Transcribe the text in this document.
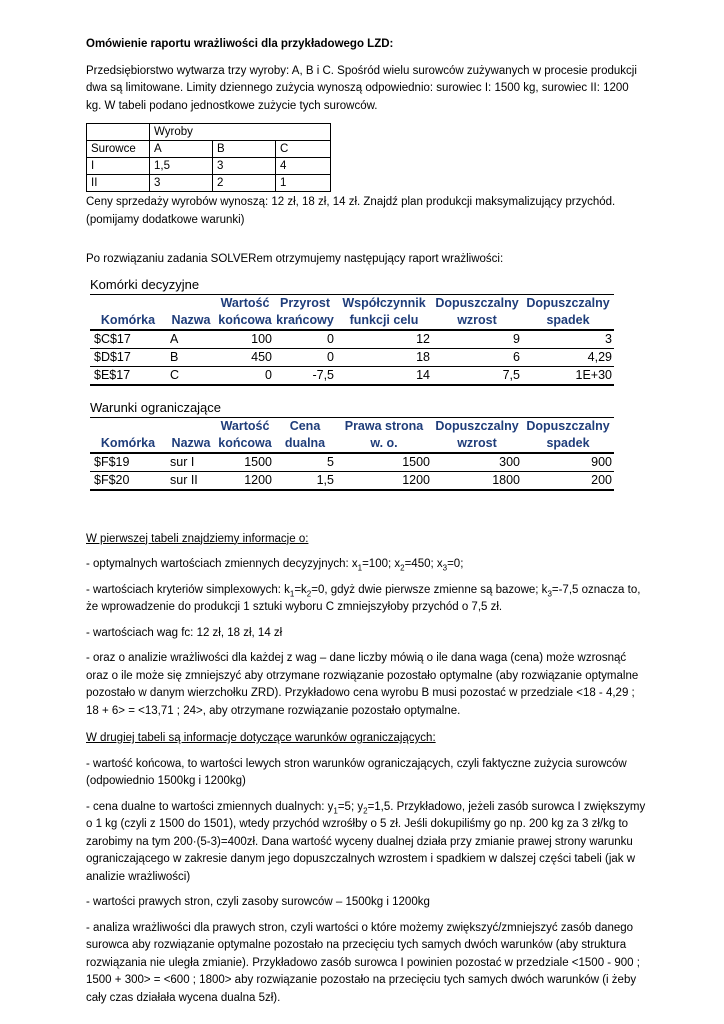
Omówienie raportu wrażliwości dla przykładowego LZD:

Przedsiębiorstwo wytwarza trzy wyroby: A, B i C. Spośród wielu surowców zużywanych w procesie produkcji dwa są limitowane. Limity dziennego zużycia wynoszą odpowiednio: surowiec I: 1500 kg, surowiec II: 1200 kg. W tabeli podano jednostkowe zużycie tych surowców.

	Wyroby		
Surowce	A	B	C
I	1,5	3	4
II	3	2	1

Ceny sprzedaży wyrobów wynoszą: 12 zł, 18 zł, 14 zł. Znajdź plan produkcji maksymalizujący przychód.

(pomijamy dodatkowe warunki)

Po rozwiązaniu zadania SOLVERem otrzymujemy następujący raport wrażliwości:

Komórki decyzyjne						
		Wartość	Przyrost	Współczynnik	Dopuszczalny	Dopuszczalny
Komórka	Nazwa	końcowa	krańcowy	funkcji celu	wzrost	spadek
$C$17	A	100	0	12	9	3
$D$17	B	450	0	18	6	4,29
$E$17	C	0	-7,5	14	7,5	1E+30
Warunki ograniczające						
		Wartość	Cena	Prawa strona	Dopuszczalny	Dopuszczalny
Komórka	Nazwa	końcowa	dualna	w. o.	wzrost	spadek
$F$19	sur I	1500	5	1500	300	900
$F$20	sur II	1200	1,5	1200	1800	200

W pierwszej tabeli znajdziemy informacje o:

- optymalnych wartościach zmiennych decyzyjnych: $x_1=100$; $x_2=450$; $x_3=0$;

- wartościach kryteriów simplexowych: $k_1=k_2=0$, gdyż dwie pierwsze zmienne są bazowe; $k_3=-7,5$ oznacza to, że wprowadzenie do produkcji 1 sztuki wyboru C zmniejszyłoby przychód o 7,5 zł.

- wartościach wag fc: 12 zł, 18 zł, 14 zł

- oraz o analizie wrażliwości dla każdej z wag – dane liczby mówią o ile dana waga (cena) może wzrosnąć oraz o ile może się zmniejszyć aby otrzymane rozwiązanie pozostało optymalne (aby rozwiązanie optymalne pozostało w danym wierzchołku ZRD). Przykładowo cena wyrobu B musi pozostać w przedziale <18 - 4,29 ; 18 + 6> = <13,71 ; 24>, aby otrzymane rozwiązanie pozostało optymalne.

W drugiej tabeli są informacje dotyczące warunków ograniczających:

- wartość końcowa, to wartości lewych stron warunków ograniczających, czyli faktyczne zużycia surowców (odpowiednio 1500kg i 1200kg)

- cena dualne to wartości zmiennych dualnych: $y_1=5$; $y_2=1,5$. Przykładowo, jeżeli zasób surowca I zwiększymy o 1 kg (czyli z 1500 do 1501), wtedy przychód wzrośłby o 5 zł. Jeśli dokupiliśmy go np. 200 kg za 3 zł/kg to zarobimy na tym 200·(5-3)=400zł. Dana wartość wyceny dualnej działa przy zmianie prawej strony warunku ograniczającego w zakresie danym jego dopuszczalnych wzrostem i spadkiem w dalszej części tabeli (jak w analizie wrażliwości)

- wartości prawych stron, czyli zasoby surowców – 1500kg i 1200kg

- analiza wrażliwości dla prawych stron, czyli wartości o które możemy zwiększyć/zmniejszyć zasób danego surowca aby rozwiązanie optymalne pozostało na przecięciu tych samych dwóch warunków (aby struktura rozwiązania nie uległa zmianie). Przykładowo zasób surowca I powinien pozostać w przedziale <1500 - 900 ; 1500 + 300> = <600 ; 1800> aby rozwiązanie pozostało na przecięciu tych samych dwóch warunków (i żeby cały czas działała wycena dualna 5zł).
